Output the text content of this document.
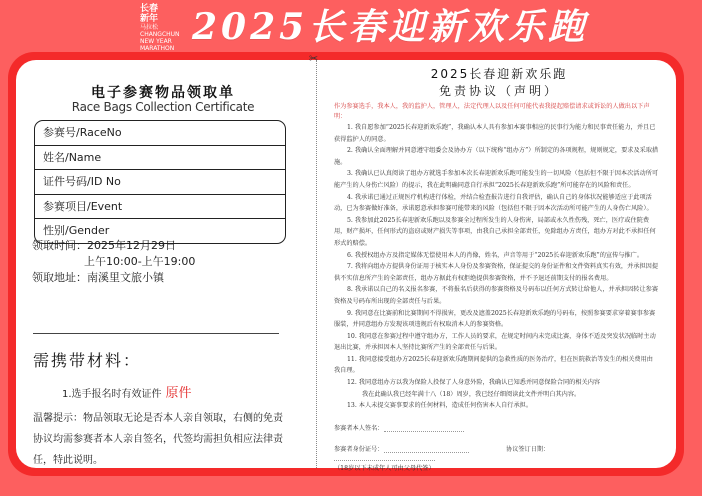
长春
新年
马拉松
CHANGCHUN
NEW YEAR
MARATHON
2025长春迎新欢乐跑
✂
电子参赛物品领取单
Race Bags Collection Certificate
参赛号/RaceNo
姓名/Name
证件号码/ID No
参赛项目/Event
性别/Gender
领取时间：2025年12月29日
上午10:00-上午19:00
领取地址：南溪里文旅小镇
需携带材料：
1.选手报名时有效证件 原件
温馨提示：物品领取无论是否本人亲自领取，右侧的免责协议均需参赛者本人亲自签名，代签均需担负相应法律责任，特此说明。
2025长春迎新欢乐跑
免责协议（声明）
作为参赛选手，我本人，我的监护人，管理人，法定代理人以及任何可能代表我提起赔偿请求或诉讼的人做出以下声明：

1. 我自愿参加“2025长春迎新欢乐跑”，我确认本人具有参加本赛事相应的民事行为能力和民事责任能力，并且已获得监护人的同意。

2. 我确认全面理解并同意遵守组委会及协办方（以下统称“组办方”）所制定的各项规程，规则规定，要求及采取措施。

3. 我确认已认真阅读了组办方就选手参加本次长春迎新欢乐跑可能发生的一切风险（包括但不限于因本次活动所可能产生的人身伤亡风险）的提示，我在此明确同意自行承担“2025长春迎新欢乐跑”所可能存在的风险和责任。

4. 我承诺已通过正规医疗机构进行体检，并结合检查报告进行自我评估，确认自己的身体状况能够适应于此项活动，已为参赛做好准备，承诺愿意承担参赛可能带来的风险（包括但不限于因本次活动所可能产生的人身伤亡风险）。

5. 我参加此2025长春迎新欢乐跑以及参赛全过程所发生的人身伤害，局部或永久性伤残，死亡，医疗或住院费用，财产损坏，任何形式的盗窃或财产损失等事项，由我自己承担全部责任，免除组办方责任，组办方对此不承担任何形式的赔偿。

6. 我授权组办方及指定媒体无偿使用本人的肖像，姓名，声音等用于“2025长春迎新欢乐跑”的宣传与推广。

7. 我将向组办方提供身份证用于核实本人身份及参赛资格，保证提交的身份证件和文件资料真实有效，并承担因提供不实信息所产生的全部责任，组办方据此有权拒绝提供参赛资格，并不予退还前期支付的报名费用。

8. 我承诺以自己的名义报名参赛，不将报名后获得的参赛资格及号码布以任何方式转让给他人，并承担因转让参赛资格及号码布所出现的全部责任与后果。

9. 我同意在比赛前和比赛期间不得损害，更改及遮盖2025长春迎新欢乐跑的号码布，按照参赛要求穿着赛事参赛服装，并同意组办方发现该项违规后有权取消本人的参赛资格。

10. 我同意在参赛过程中遵守组办方，工作人员的要求，在规定时间内未完成比赛，身体不适及突发状况临时主动退出比赛，并承担因本人坚持比赛所产生的全部责任与后果。

11. 我同意接受组办方2025长春迎新欢乐跑期间提供的急救性质的医务治疗，但在医院救治等发生的相关费用由我自理。

12. 我同意组办方以我为保险人投保了人身意外险，我确认已知悉并同意保险合同的相关内容

我在此确认我已经年满十八（18）周岁，我已经仔细阅读此文件并明白其内容。

13. 本人未提交赛事要求的任何材料，造成任何伤害本人自行承担。

参赛者本人签名：
参赛者身份证号：	协议签订日期：
（18岁以下未成年人可由父母代签）
